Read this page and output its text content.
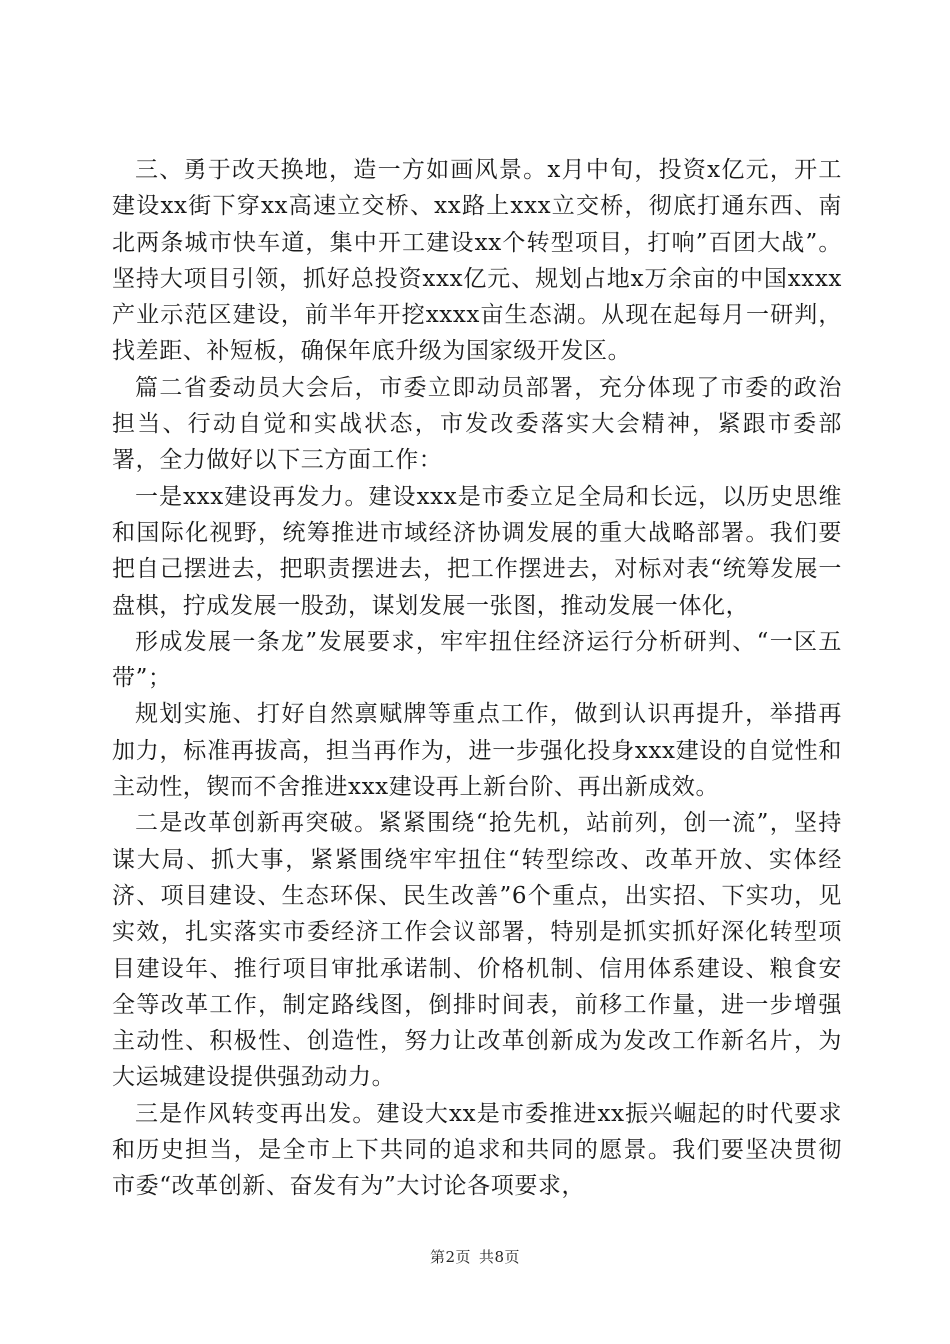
三、勇于改天换地，造一方如画风景。x月中旬，投资x亿元，开工建设xx街下穿xx高速立交桥、xx路上xxx立交桥，彻底打通东西、南北两条城市快车道，集中开工建设xx个转型项目，打响”百团大战”。坚持大项目引领，抓好总投资xxx亿元、规划占地x万余亩的中国xxxx产业示范区建设，前半年开挖xxxx亩生态湖。从现在起每月一研判，找差距、补短板，确保年底升级为国家级开发区。

篇二省委动员大会后，市委立即动员部署，充分体现了市委的政治担当、行动自觉和实战状态，市发改委落实大会精神，紧跟市委部署，全力做好以下三方面工作：

一是xxx建设再发力。建设xxx是市委立足全局和长远，以历史思维和国际化视野，统筹推进市域经济协调发展的重大战略部署。我们要把自己摆进去，把职责摆进去，把工作摆进去，对标对表“统筹发展一盘棋，拧成发展一股劲，谋划发展一张图，推动发展一体化，

形成发展一条龙”发展要求，牢牢扭住经济运行分析研判、“一区五带”；

规划实施、打好自然禀赋牌等重点工作，做到认识再提升，举措再加力，标准再拔高，担当再作为，进一步强化投身xxx建设的自觉性和主动性，锲而不舍推进xxx建设再上新台阶、再出新成效。

二是改革创新再突破。紧紧围绕“抢先机，站前列，创一流”，坚持谋大局、抓大事，紧紧围绕牢牢扭住“转型综改、改革开放、实体经济、项目建设、生态环保、民生改善”6个重点，出实招、下实功，见实效，扎实落实市委经济工作会议部署，特别是抓实抓好深化转型项目建设年、推行项目审批承诺制、价格机制、信用体系建设、粮食安全等改革工作，制定路线图，倒排时间表，前移工作量，进一步增强主动性、积极性、创造性，努力让改革创新成为发改工作新名片，为大运城建设提供强劲动力。

三是作风转变再出发。建设大xx是市委推进xx振兴崛起的时代要求和历史担当，是全市上下共同的追求和共同的愿景。我们要坚决贯彻市委“改革创新、奋发有为”大讨论各项要求，

第2页 共8页
